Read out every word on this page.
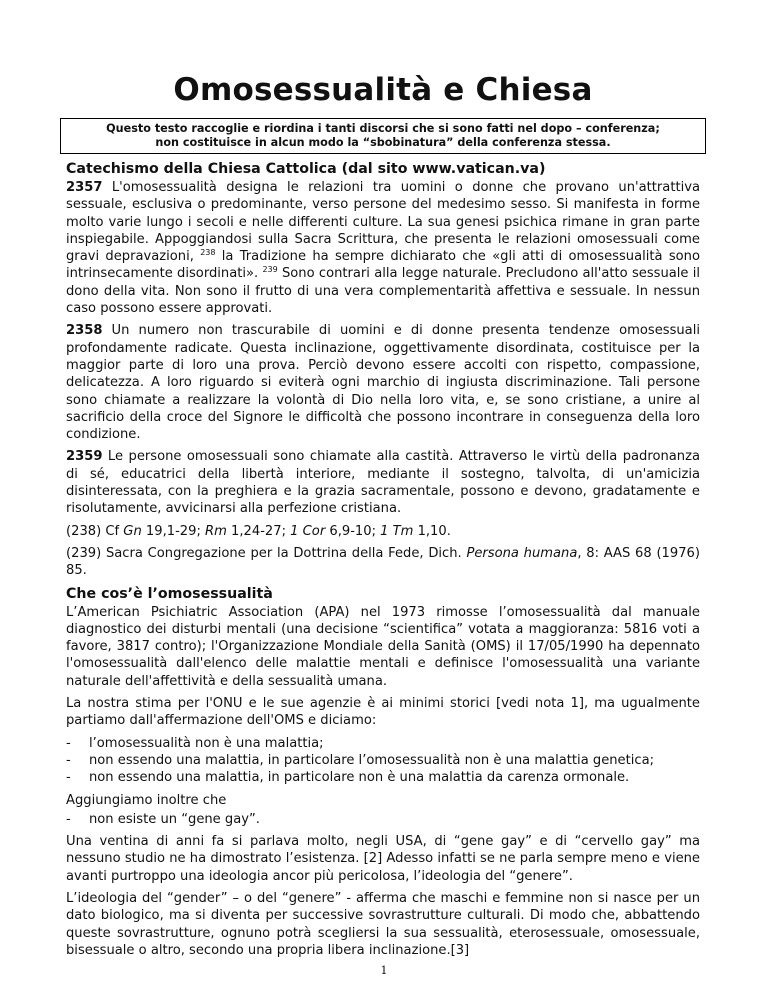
Omosessualità e Chiesa
Questo testo raccoglie e riordina i tanti discorsi che si sono fatti nel dopo – conferenza;
non costituisce in alcun modo la “sbobinatura” della conferenza stessa.
Catechismo della Chiesa Cattolica (dal sito www.vatican.va)

2357 L'omosessualità designa le relazioni tra uomini o donne che provano un'attrattiva sessuale, esclusiva o predominante, verso persone del medesimo sesso. Si manifesta in forme molto varie lungo i secoli e nelle differenti culture. La sua genesi psichica rimane in gran parte inspiegabile. Appoggiandosi sulla Sacra Scrittura, che presenta le relazioni omosessuali come gravi depravazioni, $^{238}$ la Tradizione ha sempre dichiarato che «gli atti di omosessualità sono intrinsecamente disordinati». $^{239}$ Sono contrari alla legge naturale. Precludono all'atto sessuale il dono della vita. Non sono il frutto di una vera complementarità affettiva e sessuale. In nessun caso possono essere approvati.

2358 Un numero non trascurabile di uomini e di donne presenta tendenze omosessuali profondamente radicate. Questa inclinazione, oggettivamente disordinata, costituisce per la maggior parte di loro una prova. Perciò devono essere accolti con rispetto, compassione, delicatezza. A loro riguardo si eviterà ogni marchio di ingiusta discriminazione. Tali persone sono chiamate a realizzare la volontà di Dio nella loro vita, e, se sono cristiane, a unire al sacrificio della croce del Signore le difficoltà che possono incontrare in conseguenza della loro condizione.

2359 Le persone omosessuali sono chiamate alla castità. Attraverso le virtù della padronanza di sé, educatrici della libertà interiore, mediante il sostegno, talvolta, di un'amicizia disinteressata, con la preghiera e la grazia sacramentale, possono e devono, gradatamente e risolutamente, avvicinarsi alla perfezione cristiana.

(238) Cf Gn 19,1-29; Rm 1,24-27; 1 Cor 6,9-10; 1 Tm 1,10.

(239) Sacra Congregazione per la Dottrina della Fede, Dich. Persona humana, 8: AAS 68 (1976) 85.

Che cos’è l’omosessualità

L’American Psichiatric Association (APA) nel 1973 rimosse l’omosessualità dal manuale diagnostico dei disturbi mentali (una decisione “scientifica” votata a maggioranza: 5816 voti a favore, 3817 contro); l'Organizzazione Mondiale della Sanità (OMS) il 17/05/1990 ha depennato l'omosessualità dall'elenco delle malattie mentali e definisce l'omosessualità una variante naturale dell'affettività e della sessualità umana.

La nostra stima per l'ONU e le sue agenzie è ai minimi storici [vedi nota 1], ma ugualmente partiamo dall'affermazione dell'OMS e diciamo:

- l’omosessualità non è una malattia;
- non essendo una malattia, in particolare l’omosessualità non è una malattia genetica;
- non essendo una malattia, in particolare non è una malattia da carenza ormonale.

Aggiungiamo inoltre che

- non esiste un “gene gay”.

Una ventina di anni fa si parlava molto, negli USA, di “gene gay” e di “cervello gay” ma nessuno studio ne ha dimostrato l’esistenza. [2] Adesso infatti se ne parla sempre meno e viene avanti purtroppo una ideologia ancor più pericolosa, l’ideologia del “genere”.

L’ideologia del “gender” – o del “genere” - afferma che maschi e femmine non si nasce per un dato biologico, ma si diventa per successive sovrastrutture culturali. Di modo che, abbattendo queste sovrastrutture, ognuno potrà scegliersi la sua sessualità, eterosessuale, omosessuale, bisessuale o altro, secondo una propria libera inclinazione.[3]

1
